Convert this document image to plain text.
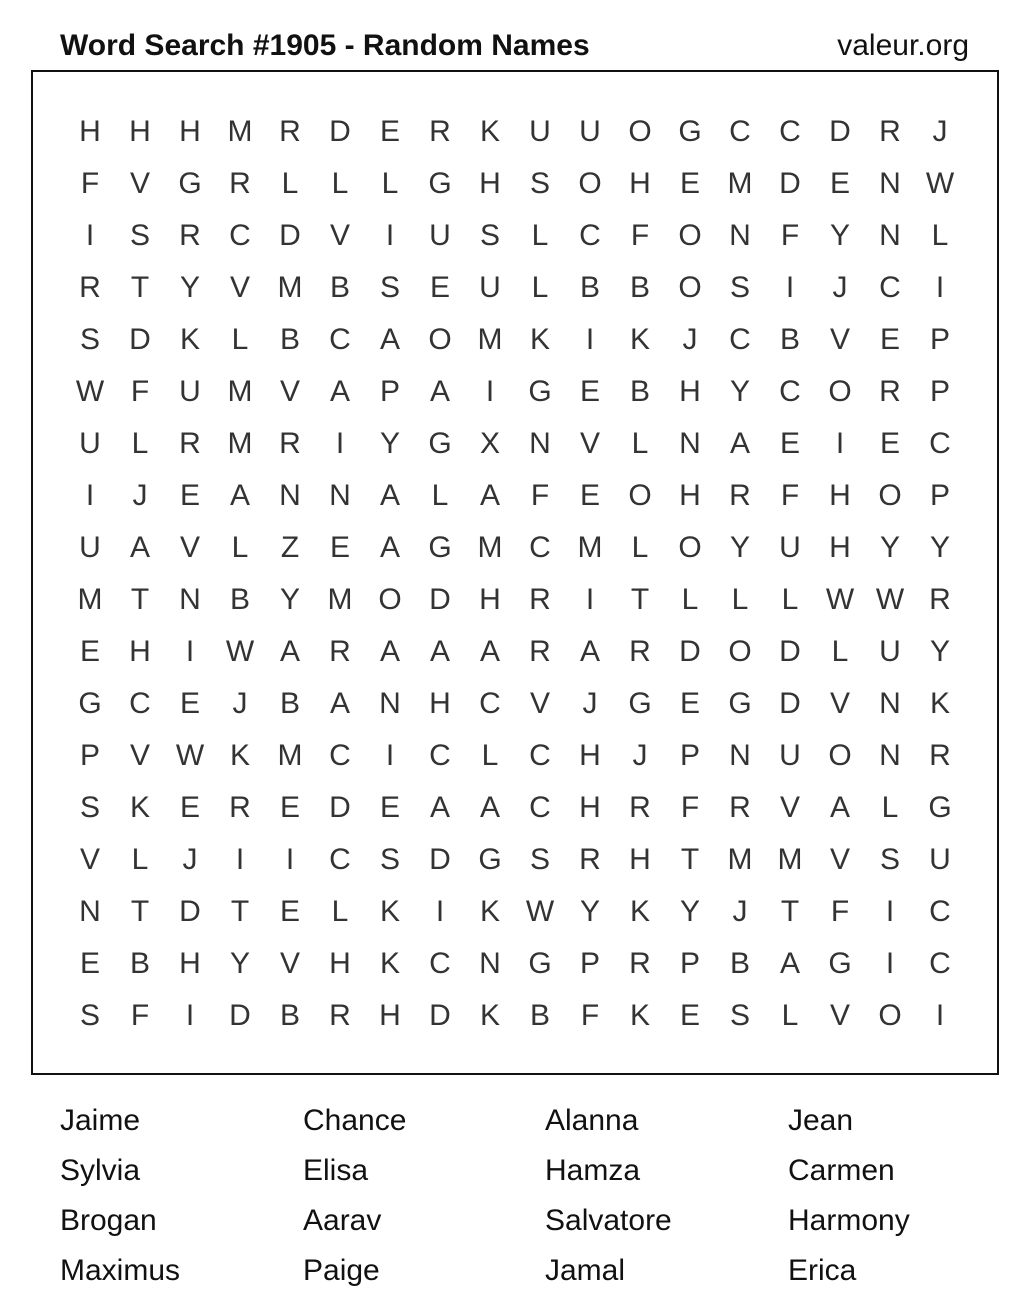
Word Search #1905 - Random Names	valeur.org
H H H M R D E R K U U O G C C D R	J
F	V G R	L	L	L G H S O H E M D E N W
I	S R C D V	I	U S	L	C	F O N	F	Y N	L
R	T	Y V M B S E U	L	B B O S	I	J	C	I
S D K	L	B C A O M K	I	K	J	C B V E P
W F	U M V A P A	I	G E B H Y C O R P
U	L	R M R	I	Y G X N V	L	N A E	I	E C
I	J	E A N N A	L	A	F	E O H R	F	H O P
U A V	L	Z	E A G M C M L O Y U H Y Y
M T	N B Y M O D H R	I	T	L	L	L W W R
E H	I	W A R A A A R A R D O D	L	U Y
G C E	J	B A N H C V	J	G E G D V N K
P V W K M C	I	C	L	C H	J	P N U O N R
S K E R E D E A A C H R	F	R V A	L G
V	L	J	I	I	C S D G S R H	T M M V S U
N	T	D	T	E	L	K	I	K W Y K Y	J	T	F	I	C
E B H Y V H K C N G P R P B A G	I	C
S	F	I	D B R H D K B	F	K E S	L	V O	I
Jaime	Chance	Alanna	Jean
Sylvia	Elisa	Hamza	Carmen
Brogan	Aarav	Salvatore	Harmony
Maximus	Paige	Jamal	Erica
